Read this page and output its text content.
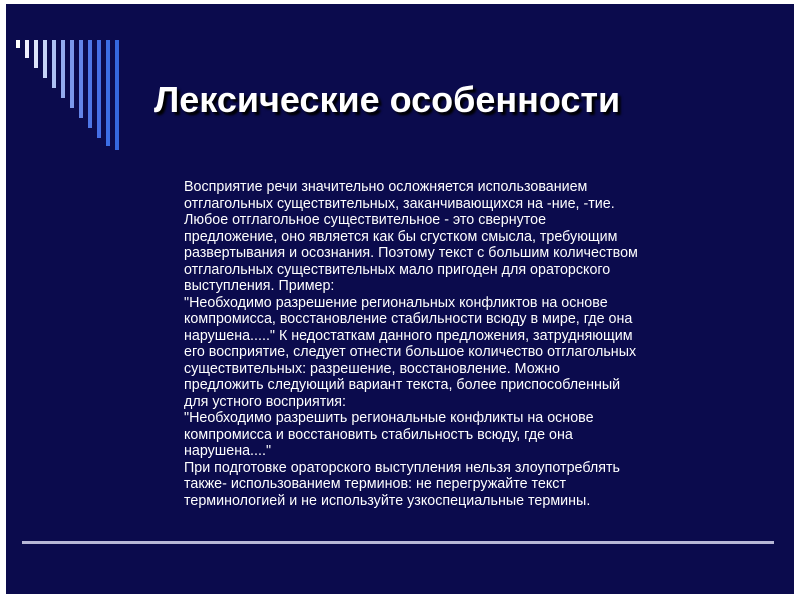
Лексические особенности
Восприятие речи значительно осложняется использованием
отглагольных существительных, заканчивающихся на -ние, -тие.
Любое отглагольное существительное - это свернутое
предложение, оно является как бы сгустком смысла, требующим
развертывания и осознания. Поэтому текст с большим количеством
отглагольных существительных мало пригоден для ораторского
выступления. Пример:
"Необходимо разрешение региональных конфликтов на основе
компромисса, восстановление стабильности всюду в мире, где она
нарушена....." К недостаткам данного предложения, затрудняющим
его восприятие, следует отнести большое количество отглагольных
существительных: разрешение, восстановление. Можно
предложить следующий вариант текста, более приспособленный
для устного восприятия:
"Необходимо разрешить региональные конфликты на основе
компромисса и восстановить стабильностъ всюду, где она
нарушена...."
При подготовке ораторского выступления нельзя злоупотреблять
также- использованием терминов: не перегружайте текст
терминологией и не используйте узкоспециальные термины.
